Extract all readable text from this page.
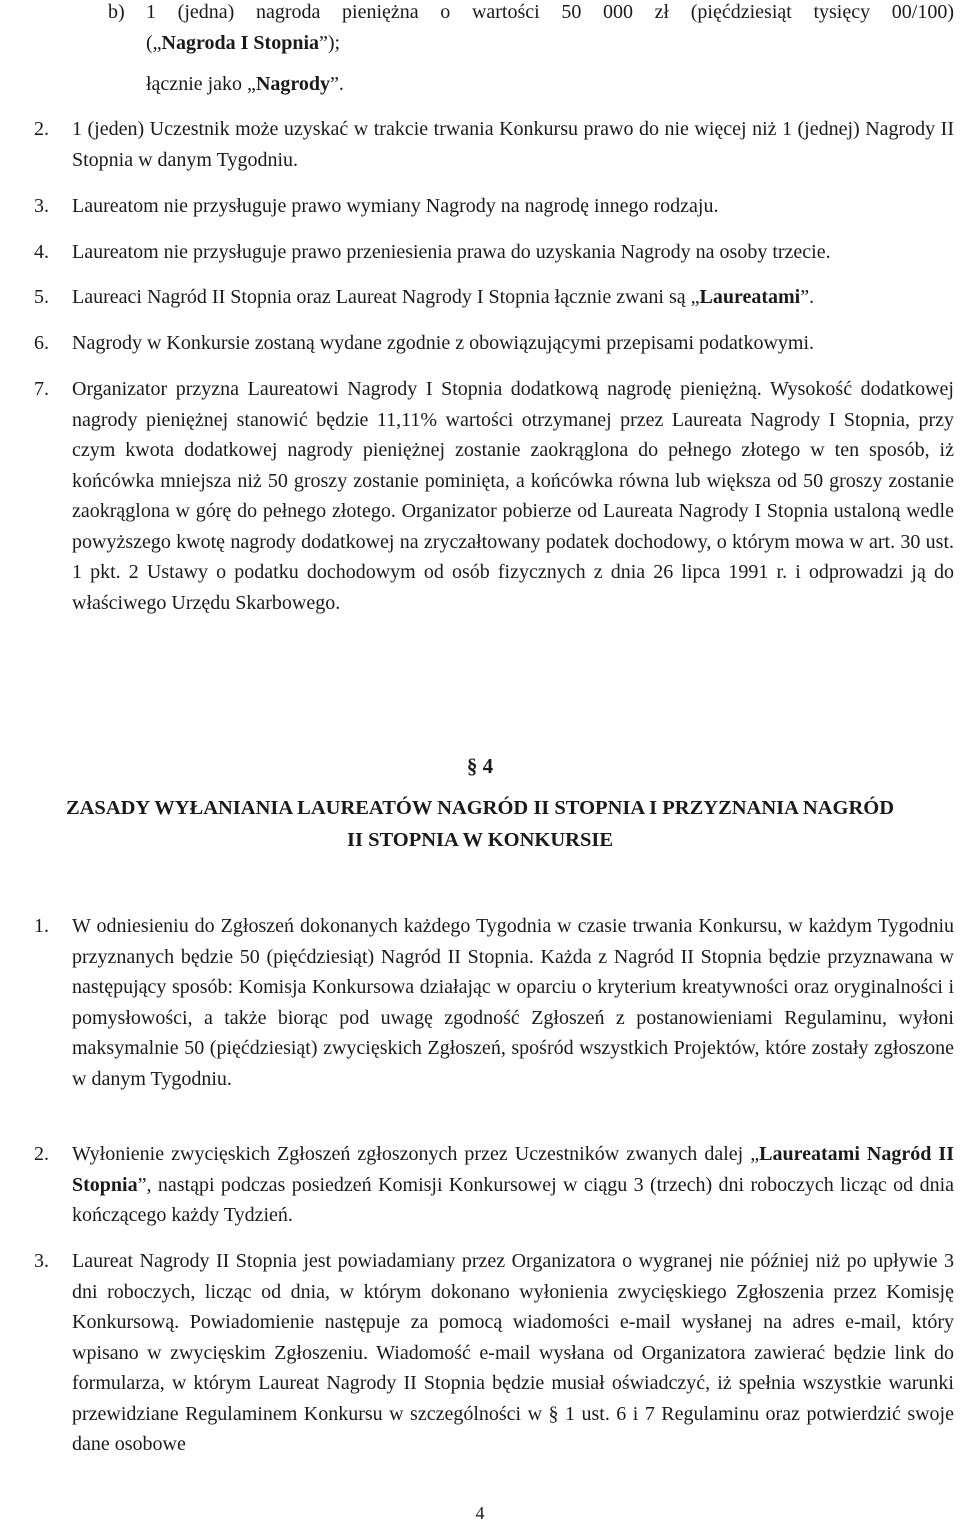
b) 1 (jedna) nagroda pieniężna o wartości 50 000 zł (pięćdziesiąt tysięcy 00/100)
(„Nagroda I Stopnia”);
łącznie jako „Nagrody”.
2. 1 (jeden) Uczestnik może uzyskać w trakcie trwania Konkursu prawo do nie więcej niż 1 (jednej) Nagrody II Stopnia w danym Tygodniu.
3. Laureatom nie przysługuje prawo wymiany Nagrody na nagrodę innego rodzaju.
4. Laureatom nie przysługuje prawo przeniesienia prawa do uzyskania Nagrody na osoby trzecie.
5. Laureaci Nagród II Stopnia oraz Laureat Nagrody I Stopnia łącznie zwani są „Laureatami”.
6. Nagrody w Konkursie zostaną wydane zgodnie z obowiązującymi przepisami podatkowymi.
7. Organizator przyzna Laureatowi Nagrody I Stopnia dodatkową nagrodę pieniężną. Wysokość dodatkowej nagrody pieniężnej stanowić będzie 11,11% wartości otrzymanej przez Laureata Nagrody I Stopnia, przy czym kwota dodatkowej nagrody pieniężnej zostanie zaokrąglona do pełnego złotego w ten sposób, iż końcówka mniejsza niż 50 groszy zostanie pominięta, a końcówka równa lub większa od 50 groszy zostanie zaokrąglona w górę do pełnego złotego. Organizator pobierze od Laureata Nagrody I Stopnia ustaloną wedle powyższego kwotę nagrody dodatkowej na zryczałtowany podatek dochodowy, o którym mowa w art. 30 ust. 1 pkt. 2 Ustawy o podatku dochodowym od osób fizycznych z dnia 26 lipca 1991 r. i odprowadzi ją do właściwego Urzędu Skarbowego.
§ 4
ZASADY WYŁANIANIA LAUREATÓW NAGRÓD II STOPNIA I PRZYZNANIA NAGRÓD
II STOPNIA W KONKURSIE
1. W odniesieniu do Zgłoszeń dokonanych każdego Tygodnia w czasie trwania Konkursu, w każdym Tygodniu przyznanych będzie 50 (pięćdziesiąt) Nagród II Stopnia. Każda z Nagród II Stopnia będzie przyznawana w następujący sposób: Komisja Konkursowa działając w oparciu o kryterium kreatywności oraz oryginalności i pomysłowości, a także biorąc pod uwagę zgodność Zgłoszeń z postanowieniami Regulaminu, wyłoni maksymalnie 50 (pięćdziesiąt) zwycięskich Zgłoszeń, spośród wszystkich Projektów, które zostały zgłoszone w danym Tygodniu.
2. Wyłonienie zwycięskich Zgłoszeń zgłoszonych przez Uczestników zwanych dalej „Laureatami Nagród II Stopnia”, nastąpi podczas posiedzeń Komisji Konkursowej w ciągu 3 (trzech) dni roboczych licząc od dnia kończącego każdy Tydzień.
3. Laureat Nagrody II Stopnia jest powiadamiany przez Organizatora o wygranej nie później niż po upływie 3 dni roboczych, licząc od dnia, w którym dokonano wyłonienia zwycięskiego Zgłoszenia przez Komisję Konkursową. Powiadomienie następuje za pomocą wiadomości e-mail wysłanej na adres e-mail, który wpisano w zwycięskim Zgłoszeniu. Wiadomość e-mail wysłana od Organizatora zawierać będzie link do formularza, w którym Laureat Nagrody II Stopnia będzie musiał oświadczyć, iż spełnia wszystkie warunki przewidziane Regulaminem Konkursu w szczególności w § 1 ust. 6 i 7 Regulaminu oraz potwierdzić swoje dane osobowe
4
